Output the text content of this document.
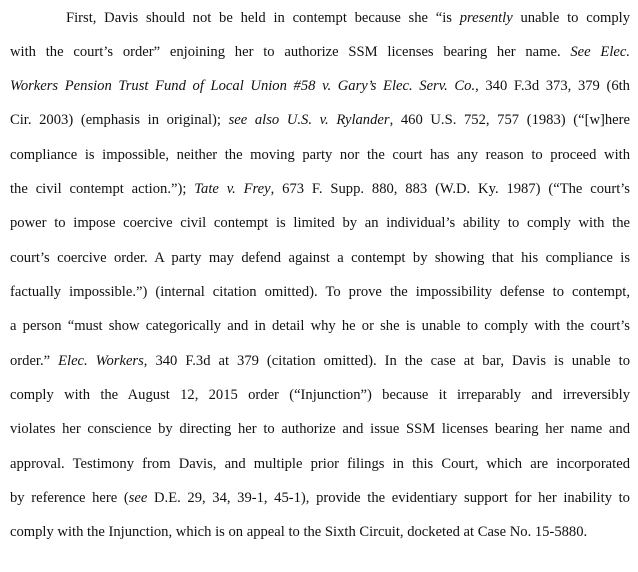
First, Davis should not be held in contempt because she “is presently unable to comply
with the court’s order” enjoining her to authorize SSM licenses bearing her name. See Elec.
Workers Pension Trust Fund of Local Union #58 v. Gary’s Elec. Serv. Co., 340 F.3d 373, 379 (6th
Cir. 2003) (emphasis in original); see also U.S. v. Rylander, 460 U.S. 752, 757 (1983) (“[w]here
compliance is impossible, neither the moving party nor the court has any reason to proceed with
the civil contempt action.”); Tate v. Frey, 673 F. Supp. 880, 883 (W.D. Ky. 1987) (“The court’s
power to impose coercive civil contempt is limited by an individual’s ability to comply with the
court’s coercive order. A party may defend against a contempt by showing that his compliance is
factually impossible.”) (internal citation omitted). To prove the impossibility defense to contempt,
a person “must show categorically and in detail why he or she is unable to comply with the court’s
order.” Elec. Workers, 340 F.3d at 379 (citation omitted). In the case at bar, Davis is unable to
comply with the August 12, 2015 order (“Injunction”) because it irreparably and irreversibly
violates her conscience by directing her to authorize and issue SSM licenses bearing her name and
approval. Testimony from Davis, and multiple prior filings in this Court, which are incorporated
by reference here (see D.E. 29, 34, 39-1, 45-1), provide the evidentiary support for her inability to
comply with the Injunction, which is on appeal to the Sixth Circuit, docketed at Case No. 15-5880.
